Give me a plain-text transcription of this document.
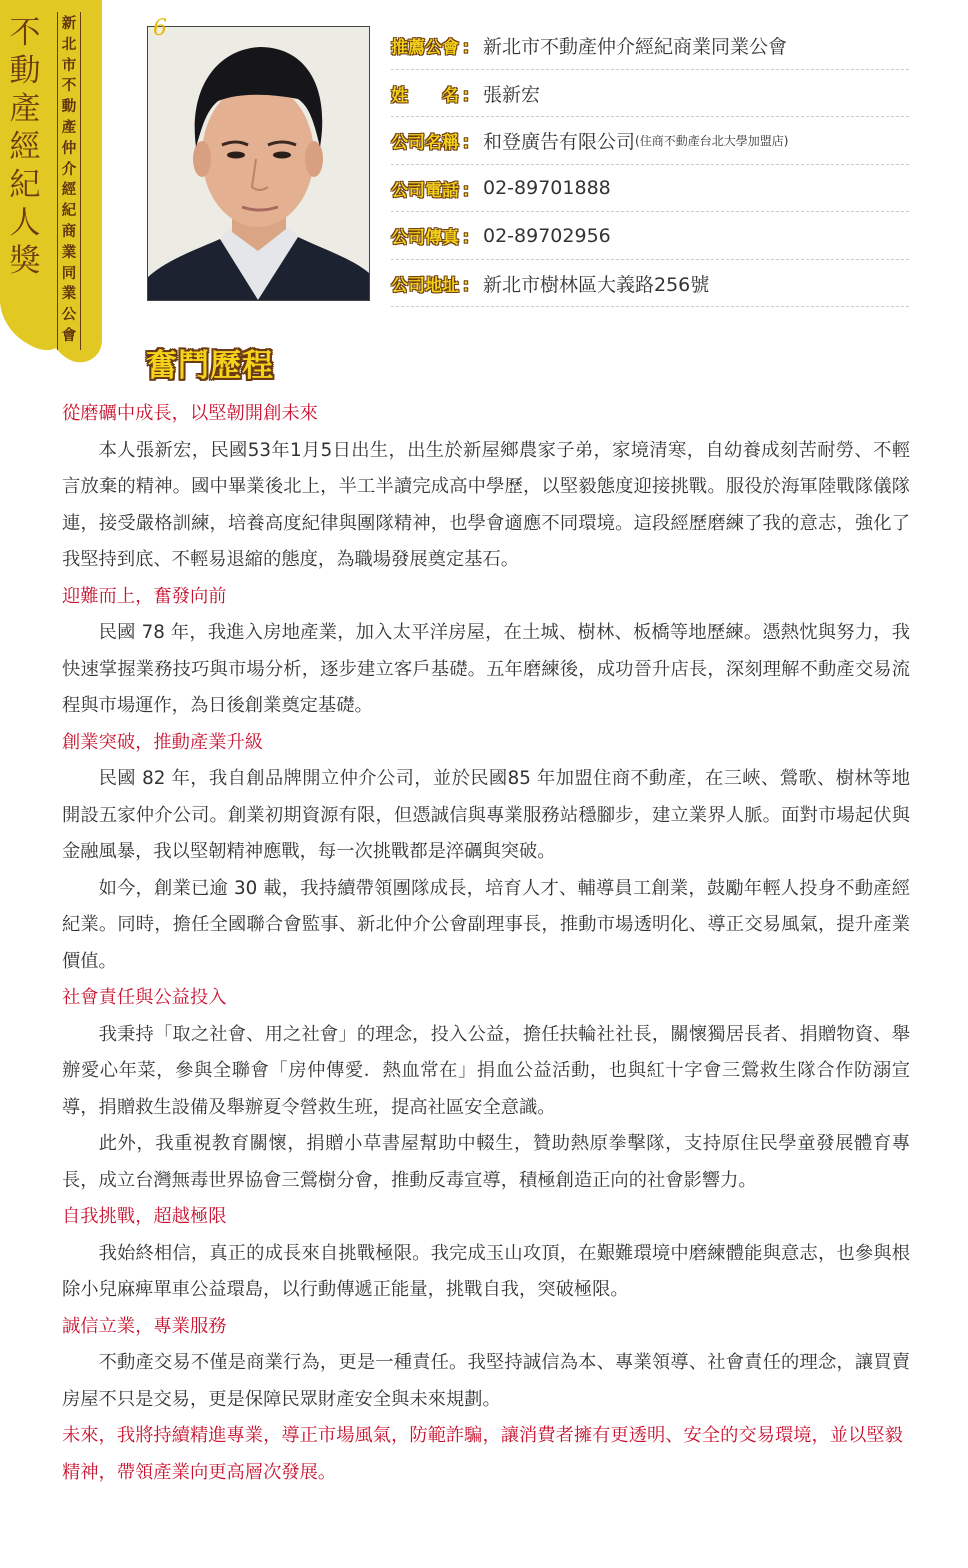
不
動
產
經
紀
人
獎
新
北
市
不
動
產
仲
介
經
紀
商
業
同
業
公
會
6
推薦公會 ： 新北市不動產仲介經紀商業同業公會
姓　　名 ： 張新宏
公司名稱 ： 和登廣告有限公司 (住商不動產台北大學加盟店)
公司電話 ： 02-89701888
公司傳真 ： 02-89702956
公司地址 ： 新北市樹林區大義路256號
奮鬥歷程

從磨礪中成長，以堅韌開創未來

本人張新宏，民國53年1月5日出生，出生於新屋鄉農家子弟，家境清寒，自幼養成刻苦耐勞、不輕言放棄的精神。國中畢業後北上，半工半讀完成高中學歷，以堅毅態度迎接挑戰。服役於海軍陸戰隊儀隊連，接受嚴格訓練，培養高度紀律與團隊精神，也學會適應不同環境。這段經歷磨練了我的意志，強化了我堅持到底、不輕易退縮的態度，為職場發展奠定基石。

迎難而上，奮發向前

民國 78 年，我進入房地產業，加入太平洋房屋，在土城、樹林、板橋等地歷練。憑熱忱與努力，我快速掌握業務技巧與市場分析，逐步建立客戶基礎。五年磨練後，成功晉升店長，深刻理解不動產交易流程與市場運作，為日後創業奠定基礎。

創業突破，推動產業升級

民國 82 年，我自創品牌開立仲介公司，並於民國85 年加盟住商不動產，在三峽、鶯歌、樹林等地開設五家仲介公司。創業初期資源有限，但憑誠信與專業服務站穩腳步，建立業界人脈。面對市場起伏與金融風暴，我以堅韌精神應戰，每一次挑戰都是淬礪與突破。

如今，創業已逾 30 載，我持續帶領團隊成長，培育人才、輔導員工創業，鼓勵年輕人投身不動產經紀業。同時，擔任全國聯合會監事、新北仲介公會副理事長，推動市場透明化、導正交易風氣，提升產業價值。

社會責任與公益投入

我秉持「取之社會、用之社會」的理念，投入公益，擔任扶輪社社長，關懷獨居長者、捐贈物資、舉辦愛心年菜，參與全聯會「房仲傳愛．熱血常在」捐血公益活動，也與紅十字會三鶯救生隊合作防溺宣導，捐贈救生設備及舉辦夏令營救生班，提高社區安全意識。

此外，我重視教育關懷，捐贈小草書屋幫助中輟生，贊助熱原拳擊隊，支持原住民學童發展體育專長，成立台灣無毒世界協會三鶯樹分會，推動反毒宣導，積極創造正向的社會影響力。

自我挑戰，超越極限

我始終相信，真正的成長來自挑戰極限。我完成玉山攻頂，在艱難環境中磨練體能與意志，也參與根除小兒麻痺單車公益環島，以行動傳遞正能量，挑戰自我，突破極限。

誠信立業，專業服務

不動產交易不僅是商業行為，更是一種責任。我堅持誠信為本、專業領導、社會責任的理念，讓買賣房屋不只是交易，更是保障民眾財產安全與未來規劃。

未來，我將持續精進專業，導正市場風氣，防範詐騙，讓消費者擁有更透明、安全的交易環境，並以堅毅精神，帶領產業向更高層次發展。
